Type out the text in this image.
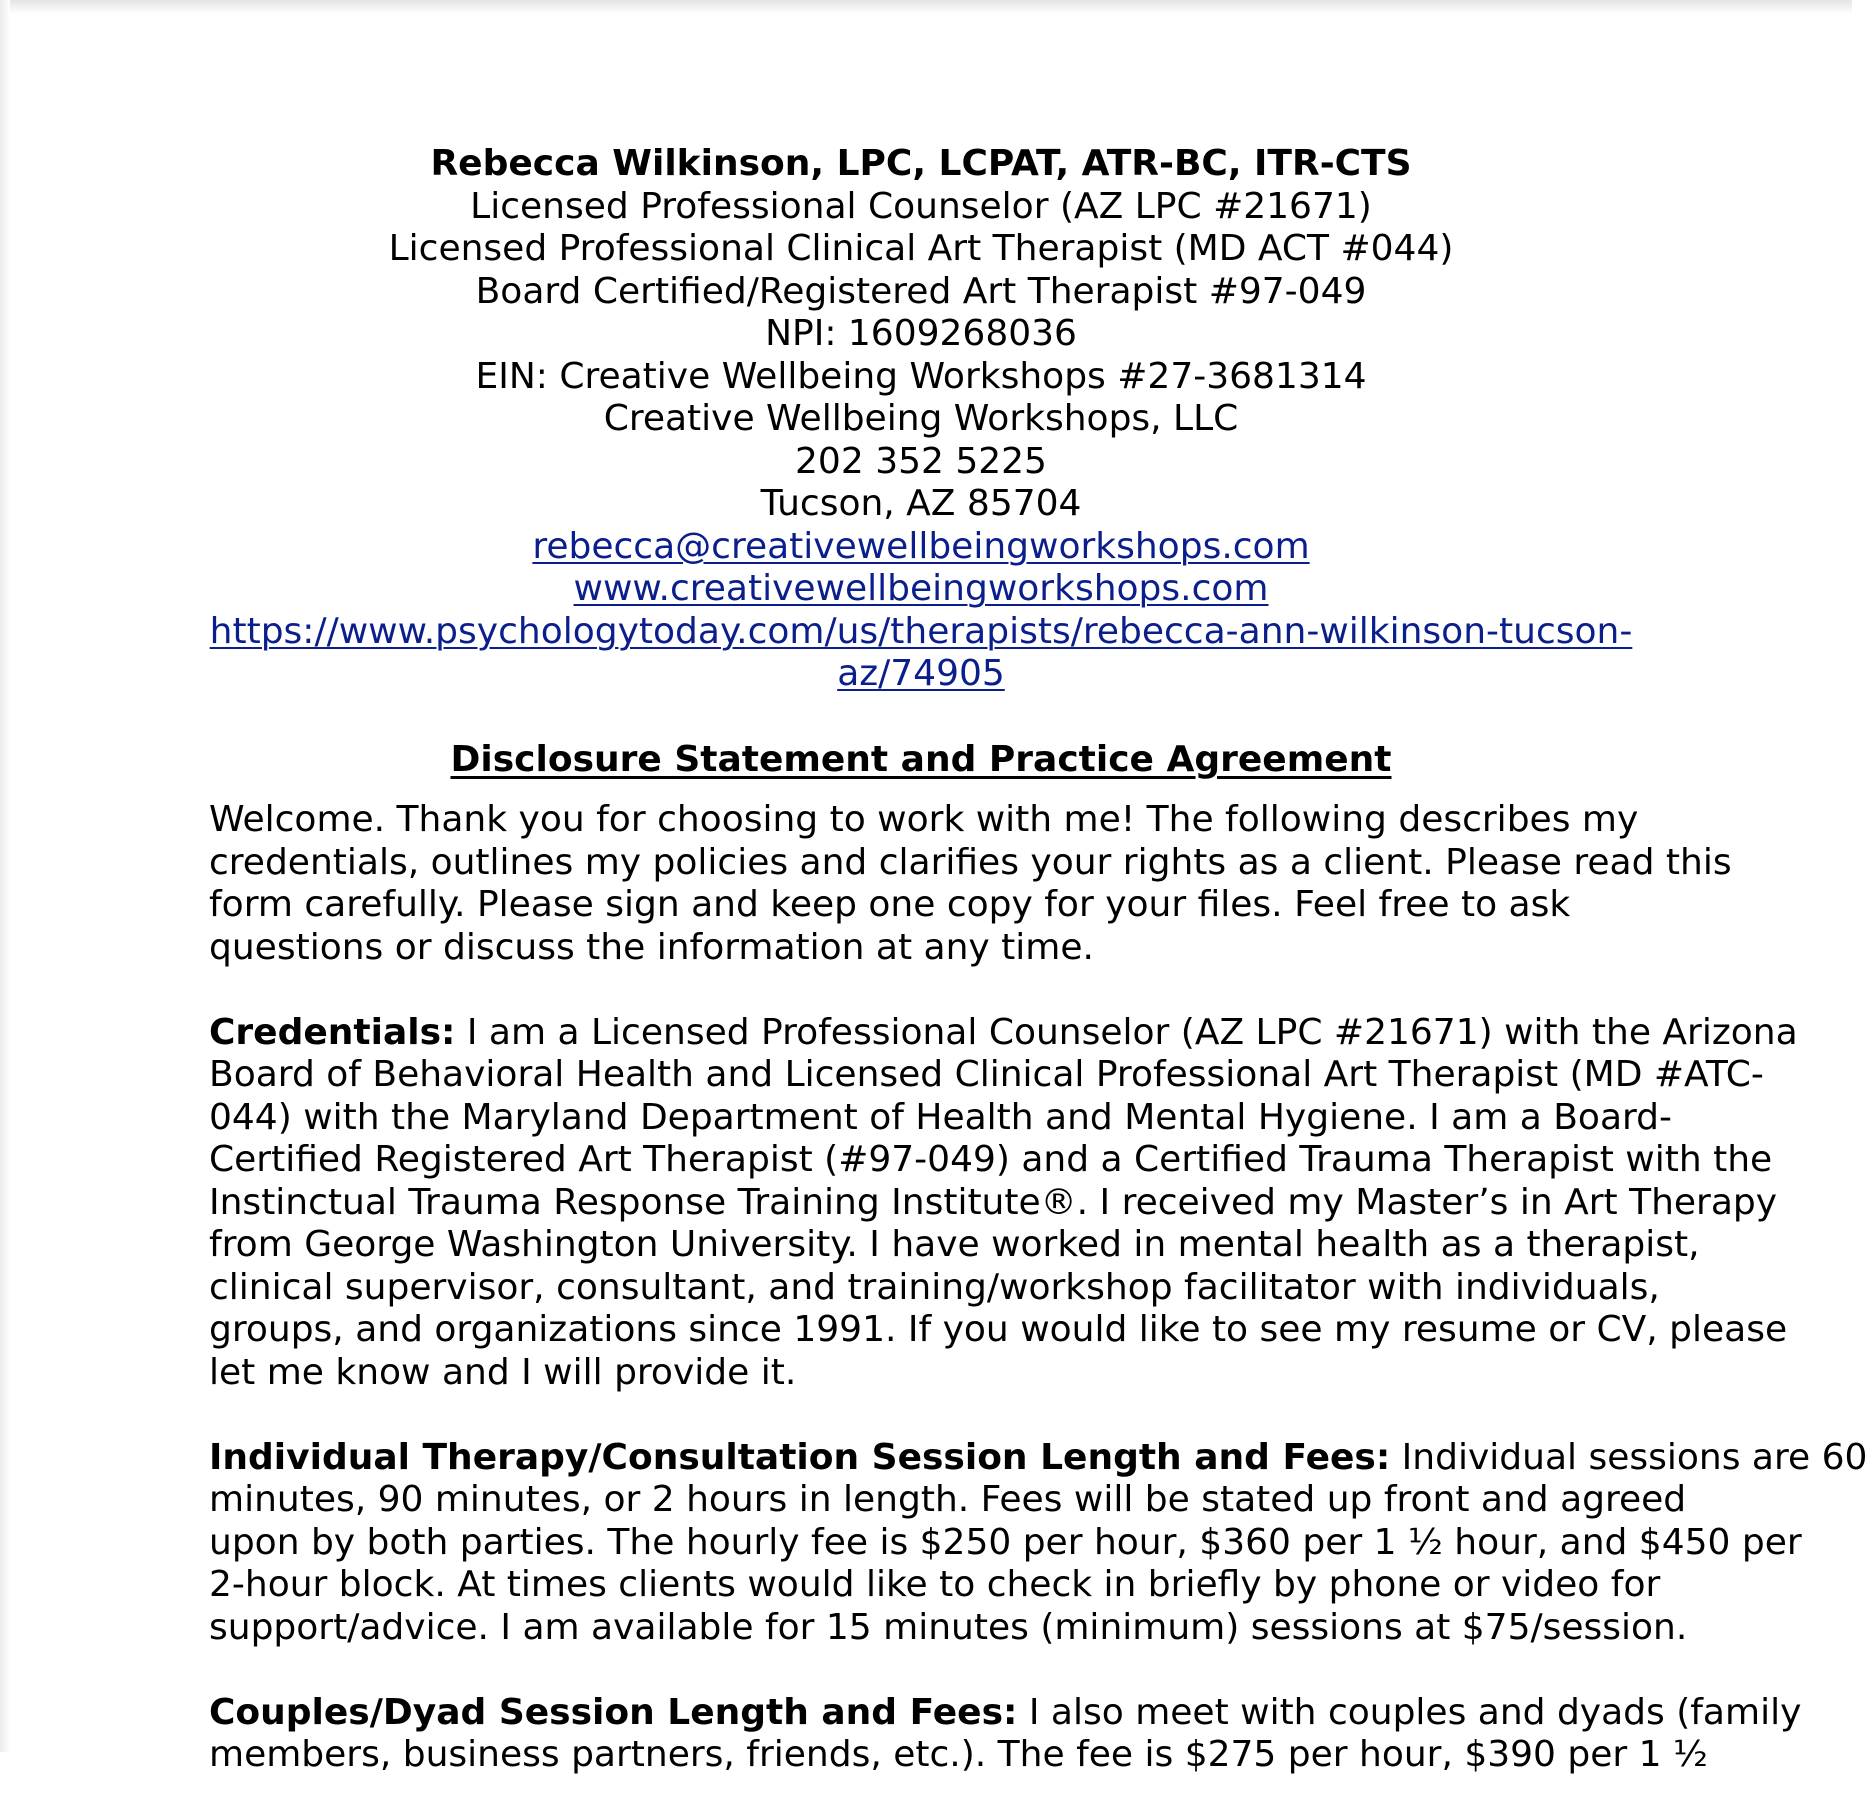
Rebecca Wilkinson, LPC, LCPAT, ATR-BC, ITR-CTS
Licensed Professional Counselor (AZ LPC #21671)
Licensed Professional Clinical Art Therapist (MD ACT #044)
Board Certified/Registered Art Therapist #97-049
NPI: 1609268036
EIN: Creative Wellbeing Workshops #27-3681314
Creative Wellbeing Workshops, LLC
202 352 5225
Tucson, AZ 85704
rebecca@creativewellbeingworkshops.com
www.creativewellbeingworkshops.com
https://www.psychologytoday.com/us/therapists/rebecca-ann-wilkinson-tucson-
az/74905
Disclosure Statement and Practice Agreement

Welcome. Thank you for choosing to work with me! The following describes my
credentials, outlines my policies and clarifies your rights as a client. Please read this
form carefully. Please sign and keep one copy for your files. Feel free to ask
questions or discuss the information at any time.

Credentials: I am a Licensed Professional Counselor (AZ LPC #21671) with the Arizona
Board of Behavioral Health and Licensed Clinical Professional Art Therapist (MD #ATC-
044) with the Maryland Department of Health and Mental Hygiene. I am a Board-
Certified Registered Art Therapist (#97-049) and a Certified Trauma Therapist with the
Instinctual Trauma Response Training Institute®. I received my Master’s in Art Therapy
from George Washington University. I have worked in mental health as a therapist,
clinical supervisor, consultant, and training/workshop facilitator with individuals,
groups, and organizations since 1991. If you would like to see my resume or CV, please
let me know and I will provide it.

Individual Therapy/Consultation Session Length and Fees: Individual sessions are 60
minutes, 90 minutes, or 2 hours in length. Fees will be stated up front and agreed
upon by both parties. The hourly fee is $250 per hour, $360 per 1 ½ hour, and $450 per
2-hour block. At times clients would like to check in briefly by phone or video for
support/advice. I am available for 15 minutes (minimum) sessions at $75/session.

Couples/Dyad Session Length and Fees: I also meet with couples and dyads (family
members, business partners, friends, etc.). The fee is $275 per hour, $390 per 1 ½
